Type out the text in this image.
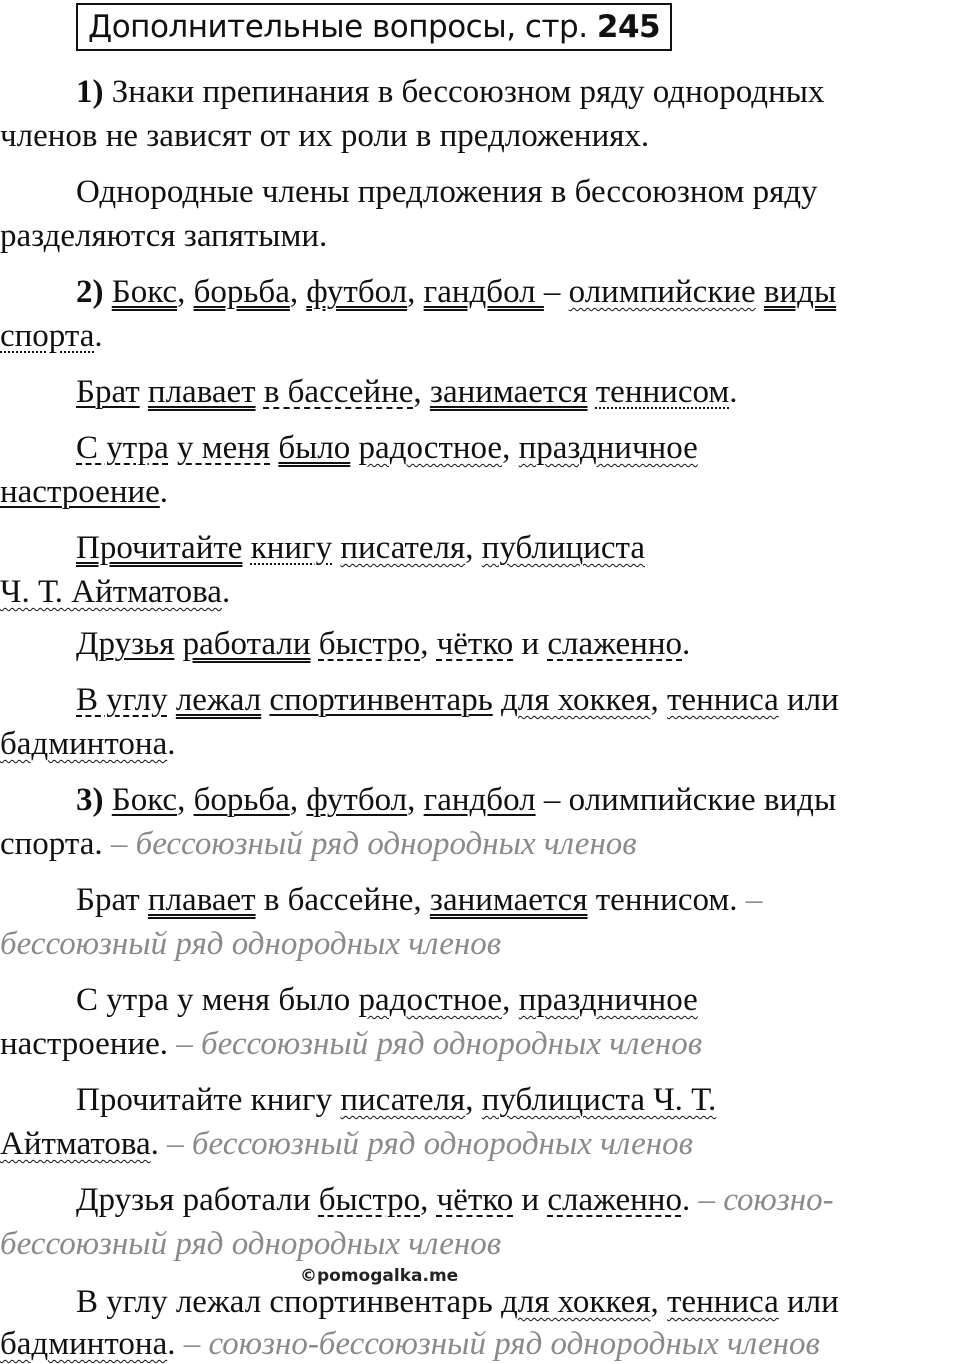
Дополнительные вопросы, стр.
245
1) Знаки препинания в бессоюзном ряду однородных
членов не зависят от их роли в предложениях.
Однородные члены предложения в бессоюзном ряду
разделяются запятыми.
2) Бокс, борьба, футбол, гандбол – олимпийские виды
спорта.
Брат плавает в бассейне, занимается теннисом.
С утра у меня было радостное, праздничное
настроение.
Прочитайте книгу писателя, публициста
Ч. Т. Айтматова.
Друзья работали быстро, чётко и слаженно.
В углу лежал спортинвентарь для хоккея, тенниса или
бадминтона.
3) Бокс, борьба, футбол, гандбол – олимпийские виды
спорта. – бессоюзный ряд однородных членов
Брат плавает в бассейне, занимается теннисом. –
бессоюзный ряд однородных членов
С утра у меня было радостное, праздничное
настроение. – бессоюзный ряд однородных членов
Прочитайте книгу писателя, публициста Ч. Т.
Айтматова. – бессоюзный ряд однородных членов
Друзья работали быстро, чётко и слаженно. – союзно-
бессоюзный ряд однородных членов
©pomogalka.me
В углу лежал спортинвентарь для хоккея, тенниса или
бадминтона. – союзно-бессоюзный ряд однородных членов
